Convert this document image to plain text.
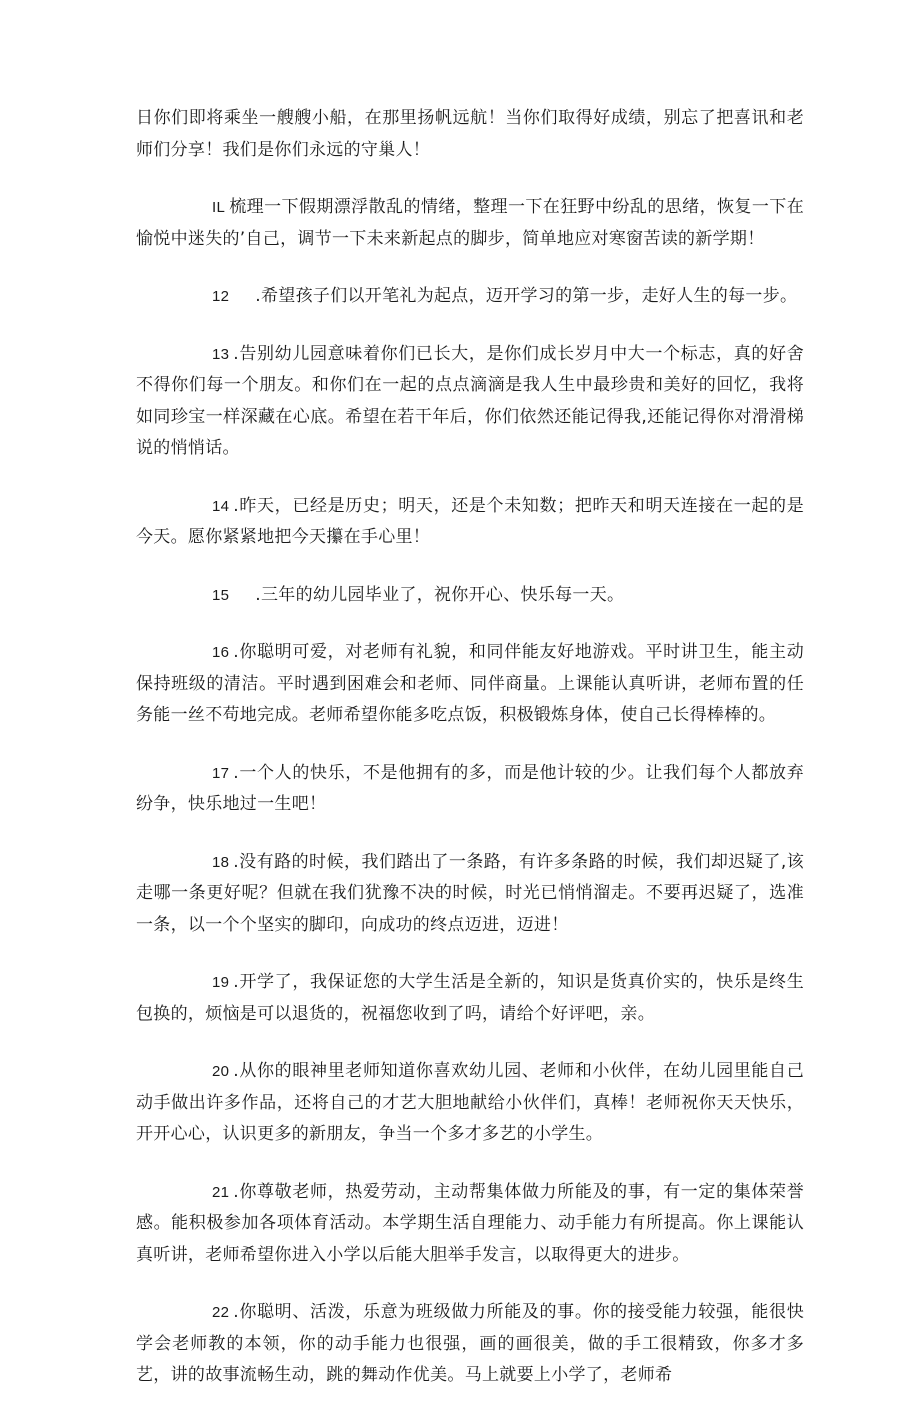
日你们即将乘坐一艘艘小船，在那里扬帆远航！当你们取得好成绩，别忘了把喜讯和老师们分享！我们是你们永远的守巢人！

IL 梳理一下假期漂浮散乱的情绪，整理一下在狂野中纷乱的思绪，恢复一下在愉悦中迷失的’自己，调节一下未来新起点的脚步，简单地应对寒窗苦读的新学期！

12 .希望孩子们以开笔礼为起点，迈开学习的第一步，走好人生的每一步。

13 .告别幼儿园意味着你们已长大，是你们成长岁月中大一个标志，真的好舍不得你们每一个朋友。和你们在一起的点点滴滴是我人生中最珍贵和美好的回忆，我将如同珍宝一样深藏在心底。希望在若干年后，你们依然还能记得我,还能记得你对滑滑梯说的悄悄话。

14 .昨天，已经是历史；明天，还是个未知数；把昨天和明天连接在一起的是今天。愿你紧紧地把今天攥在手心里！

15 .三年的幼儿园毕业了，祝你开心、快乐每一天。

16 .你聪明可爱，对老师有礼貌，和同伴能友好地游戏。平时讲卫生，能主动保持班级的清洁。平时遇到困难会和老师、同伴商量。上课能认真听讲，老师布置的任务能一丝不苟地完成。老师希望你能多吃点饭，积极锻炼身体，使自己长得棒棒的。

17 .一个人的快乐，不是他拥有的多，而是他计较的少。让我们每个人都放弃纷争，快乐地过一生吧！

18 .没有路的时候，我们踏出了一条路，有许多条路的时候，我们却迟疑了,该走哪一条更好呢？但就在我们犹豫不决的时候，时光已悄悄溜走。不要再迟疑了，选准一条，以一个个坚实的脚印，向成功的终点迈进，迈进！

19 .开学了，我保证您的大学生活是全新的，知识是货真价实的，快乐是终生包换的，烦恼是可以退货的，祝福您收到了吗，请给个好评吧，亲。

20 .从你的眼神里老师知道你喜欢幼儿园、老师和小伙伴，在幼儿园里能自己动手做出许多作品，还将自己的才艺大胆地献给小伙伴们，真棒！老师祝你天天快乐，开开心心，认识更多的新朋友，争当一个多才多艺的小学生。

21 .你尊敬老师，热爱劳动，主动帮集体做力所能及的事，有一定的集体荣誉感。能积极参加各项体育活动。本学期生活自理能力、动手能力有所提高。你上课能认真听讲，老师希望你进入小学以后能大胆举手发言，以取得更大的进步。

22 .你聪明、活泼，乐意为班级做力所能及的事。你的接受能力较强，能很快学会老师教的本领，你的动手能力也很强，画的画很美，做的手工很精致，你多才多艺，讲的故事流畅生动，跳的舞动作优美。马上就要上小学了，老师希
